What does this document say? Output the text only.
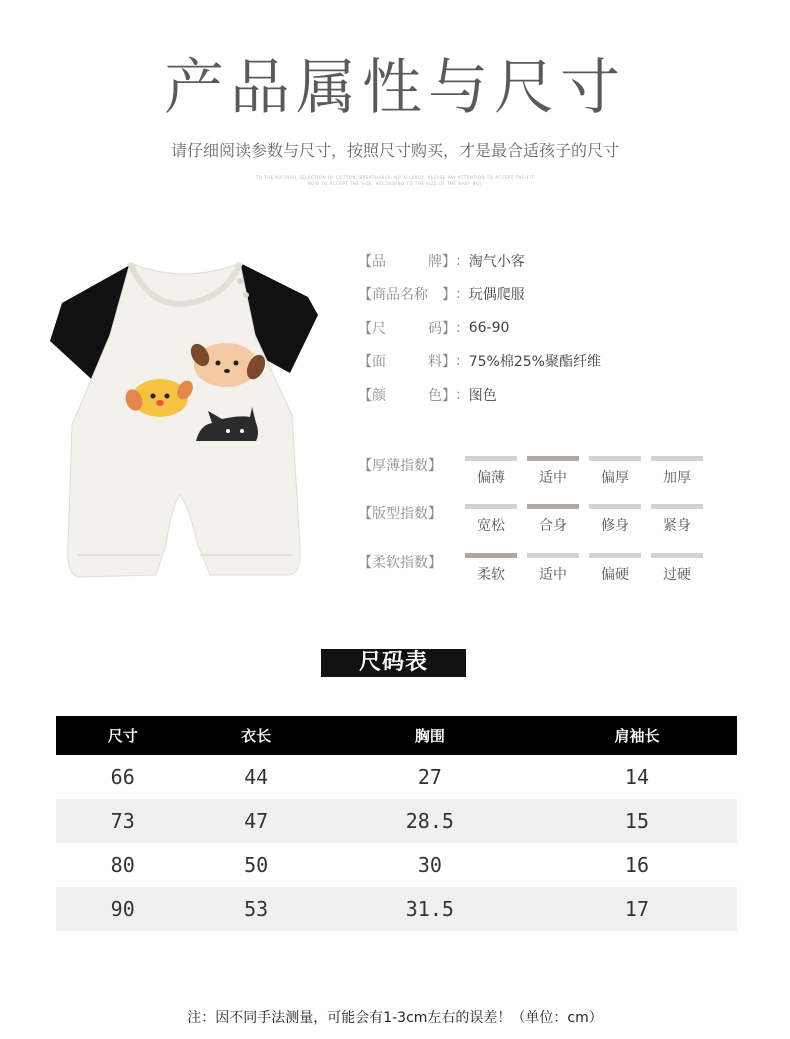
产品属性与尺寸
请仔细阅读参数与尺寸，按照尺寸购买，才是最合适孩子的尺寸
TO THE NATURAL SELECTION OF COTTON, BREATHABLE, NO ALLERGY, PLEASE PAY ATTENTION TO ACCEPT THE FIT
NOW TO ACCEPT THE SIZE, ACCORDING TO THE SIZE OF THE BABY BUY
【 品	牌 】 : 淘气小客
【 商品名称 】 : 玩偶爬服
【 尺	码 】 : 66-90
【 面	料 】 : 75%棉25%聚酯纤维
【 颜	色 】 : 图色
【厚薄指数】
偏薄	适中	偏厚	加厚
【版型指数】
宽松	合身	修身	紧身
【柔软指数】
柔软	适中	偏硬	过硬
尺码表
尺寸	衣长	胸围	肩袖长
66	44	27	14
73	47	28.5	15
80	50	30	16
90	53	31.5	17
注：因不同手法测量，可能会有1-3cm左右的误差！（单位：cm）
